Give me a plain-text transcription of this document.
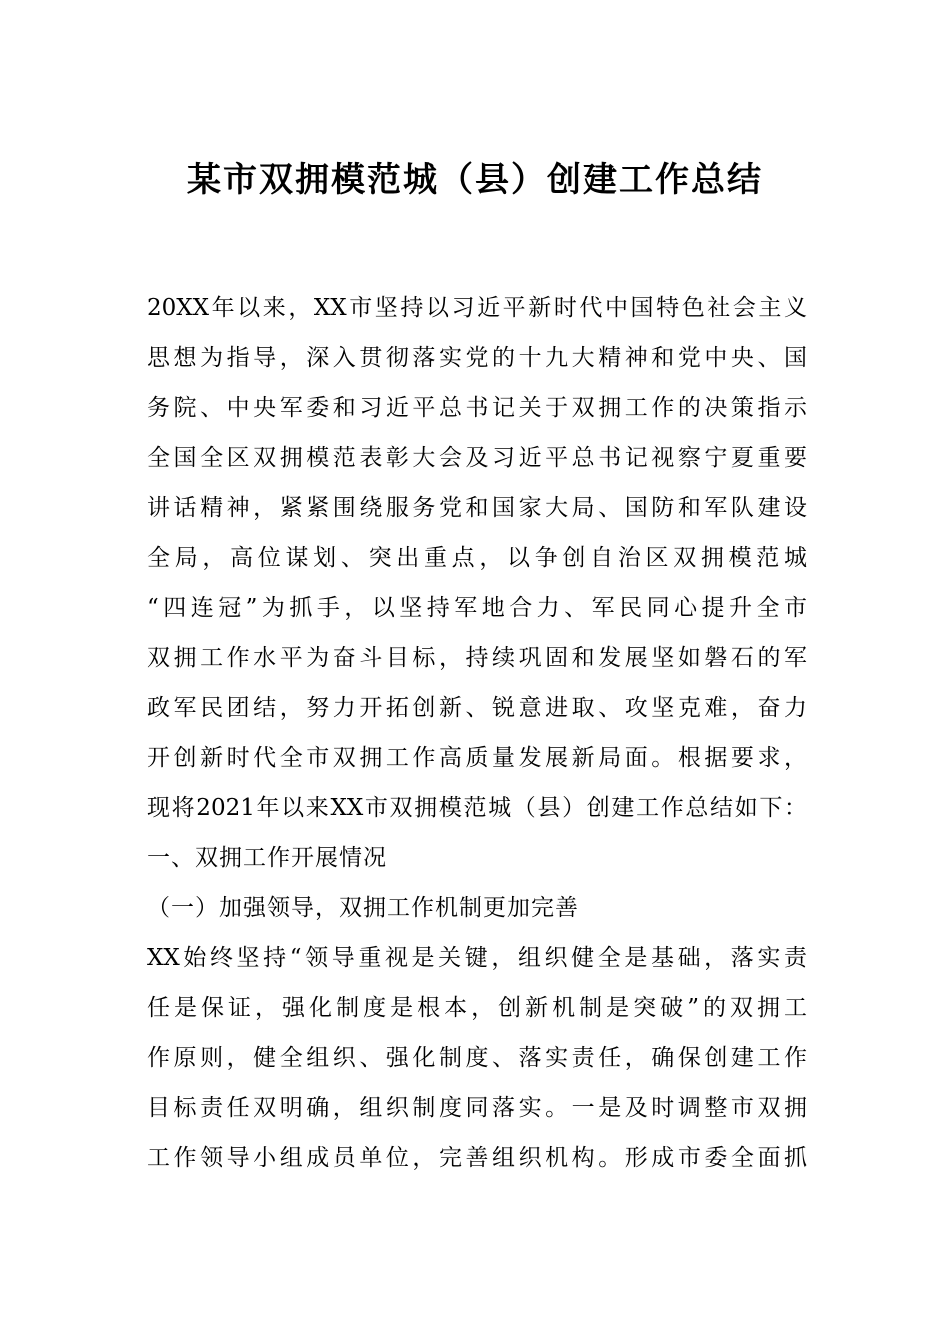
某市双拥模范城（县）创建工作总结
20XX年以来，XX市坚持以习近平新时代中国特色社会主义
思想为指导，深入贯彻落实党的十九大精神和党中央、国
务院、中央军委和习近平总书记关于双拥工作的决策指示
全国全区双拥模范表彰大会及习近平总书记视察宁夏重要
讲话精神，紧紧围绕服务党和国家大局、国防和军队建设
全局，高位谋划、突出重点，以争创自治区双拥模范城
“四连冠”为抓手，以坚持军地合力、军民同心提升全市
双拥工作水平为奋斗目标，持续巩固和发展坚如磐石的军
政军民团结，努力开拓创新、锐意进取、攻坚克难，奋力
开创新时代全市双拥工作高质量发展新局面。根据要求，
现将2021年以来XX市双拥模范城（县）创建工作总结如下：
一、双拥工作开展情况
（一）加强领导，双拥工作机制更加完善
XX始终坚持“领导重视是关键，组织健全是基础，落实责
任是保证，强化制度是根本，创新机制是突破”的双拥工
作原则，健全组织、强化制度、落实责任，确保创建工作
目标责任双明确，组织制度同落实。一是及时调整市双拥
工作领导小组成员单位，完善组织机构。形成市委全面抓
